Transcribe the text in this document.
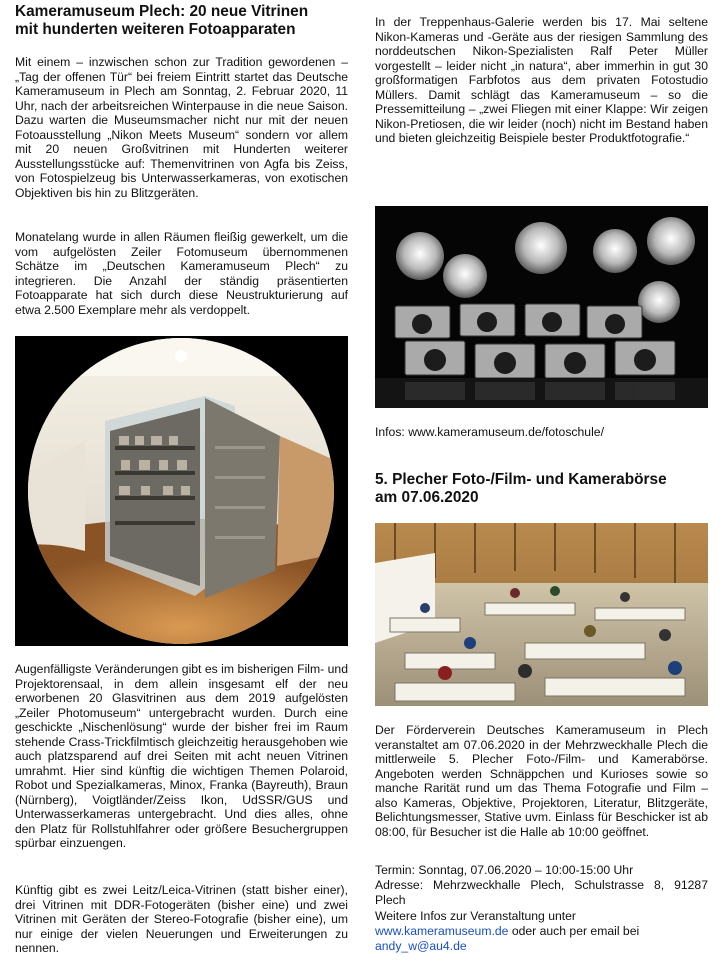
Kameramuseum Plech: 20 neue Vitrinen
mit hunderten weiteren Fotoapparaten

Mit einem – inzwischen schon zur Tradition gewordenen – „Tag der offenen Tür“ bei freiem Eintritt startet das Deutsche Kameramuseum in Plech am Sonntag, 2. Februar 2020, 11 Uhr, nach der arbeitsreichen Winterpause in die neue Saison. Dazu warten die Museumsmacher nicht nur mit der neuen Fotoausstellung „Nikon Meets Museum“ sondern vor allem mit 20 neuen Großvitrinen mit Hunderten weiterer Ausstellungsstücke auf: Themenvitrinen von Agfa bis Zeiss, von Fotospielzeug bis Unterwasserkameras, von exotischen Objektiven bis hin zu Blitzgeräten.

Monatelang wurde in allen Räumen fleißig gewerkelt, um die vom aufgelösten Zeiler Fotomuseum übernommenen Schätze im „Deutschen Kameramuseum Plech“ zu integrieren. Die Anzahl der ständig präsentierten Fotoapparate hat sich durch diese Neustrukturierung auf etwa 2.500 Exemplare mehr als verdoppelt.

Augenfälligste Veränderungen gibt es im bisherigen Film- und Projektorensaal, in dem allein insgesamt elf der neu erworbenen 20 Glasvitrinen aus dem 2019 aufgelösten „Zeiler Photomuseum“ untergebracht wurden. Durch eine geschickte „Nischenlösung“ wurde der bisher frei im Raum stehende Crass-Trickfilmtisch gleichzeitig herausgehoben wie auch platzsparend auf drei Seiten mit acht neuen Vitrinen umrahmt. Hier sind künftig die wichtigen Themen Polaroid, Robot und Spezialkameras, Minox, Franka (Bayreuth), Braun (Nürnberg), Voigtländer/Zeiss Ikon, UdSSR/GUS und Unterwasserkameras untergebracht. Und dies alles, ohne den Platz für Rollstuhlfahrer oder größere Besuchergruppen spürbar einzuengen.

Künftig gibt es zwei Leitz/Leica-Vitrinen (statt bisher einer), drei Vitrinen mit DDR-Fotogeräten (bisher eine) und zwei Vitrinen mit Geräten der Stereo-Fotografie (bisher eine), um nur einige der vielen Neuerungen und Erweiterungen zu nennen.

In der Treppenhaus-Galerie werden bis 17. Mai seltene Nikon-Kameras und -Geräte aus der riesigen Sammlung des norddeutschen Nikon-Spezialisten Ralf Peter Müller vorgestellt – leider nicht „in natura“, aber immerhin in gut 30 großformatigen Farbfotos aus dem privaten Fotostudio Müllers. Damit schlägt das Kameramuseum – so die Pressemitteilung – „zwei Fliegen mit einer Klappe: Wir zeigen Nikon-Pretiosen, die wir leider (noch) nicht im Bestand haben und bieten gleichzeitig Beispiele bester Produktfotografie.“

Infos: www.kameramuseum.de/fotoschule/

5. Plecher Foto-/Film- und Kamerabörse
am 07.06.2020

Der Förderverein Deutsches Kameramuseum in Plech veranstaltet am 07.06.2020 in der Mehrzweckhalle Plech die mittlerweile 5. Plecher Foto-/Film- und Kamerabörse. Angeboten werden Schnäppchen und Kurioses sowie so manche Rarität rund um das Thema Fotografie und Film – also Kameras, Objektive, Projektoren, Literatur, Blitzgeräte, Belichtungsmesser, Stative uvm. Einlass für Beschicker ist ab 08:00, für Besucher ist die Halle ab 10:00 geöffnet.

Termin: Sonntag, 07.06.2020 – 10:00-15:00 Uhr

Adresse: Mehrzweckhalle Plech, Schulstrasse 8, 91287 Plech

Weitere Infos zur Veranstaltung unter

www.kameramuseum.de oder auch per email bei
andy_w@au4.de
